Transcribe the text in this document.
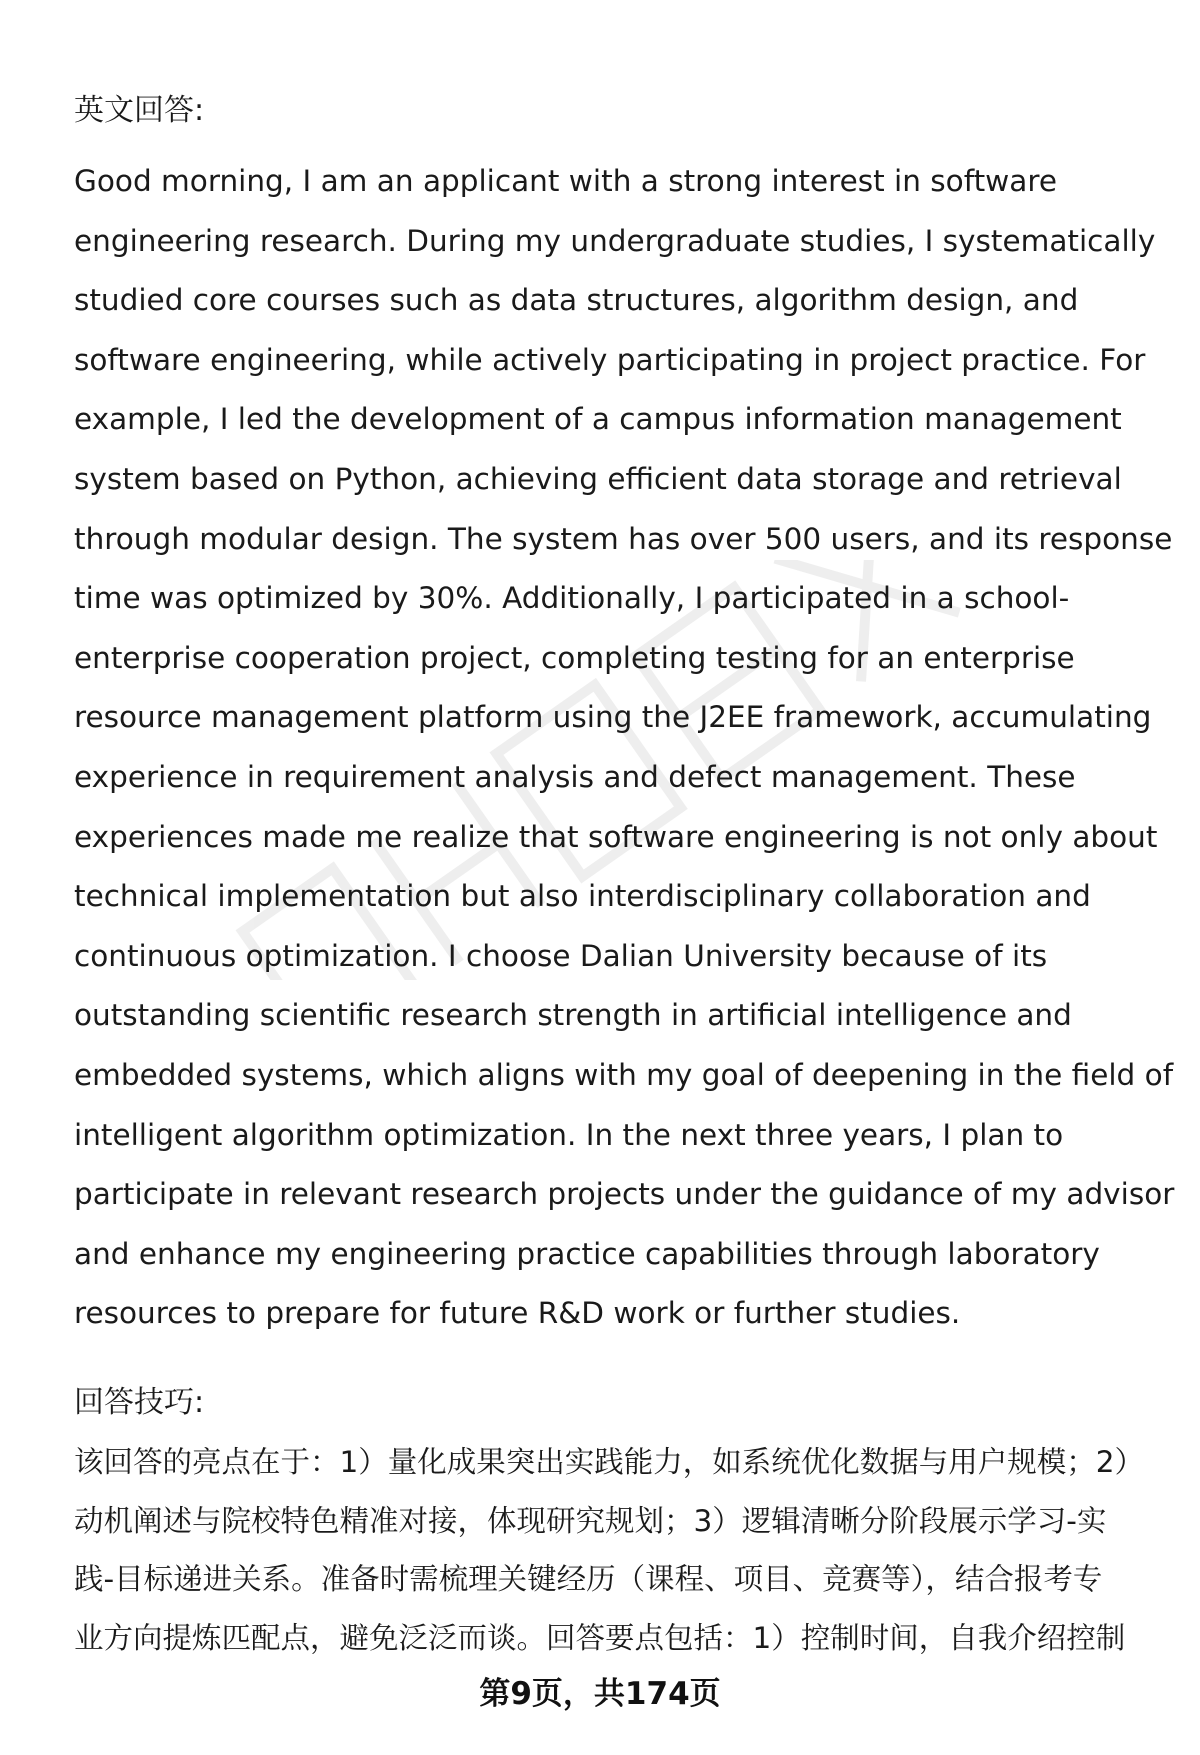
英文回答:
Good morning, I am an applicant with a strong interest in software
engineering research. During my undergraduate studies, I systematically
studied core courses such as data structures, algorithm design, and
software engineering, while actively participating in project practice. For
example, I led the development of a campus information management
system based on Python, achieving efficient data storage and retrieval
through modular design. The system has over 500 users, and its response
time was optimized by 30%. Additionally, I participated in a school-
enterprise cooperation project, completing testing for an enterprise
resource management platform using the J2EE framework, accumulating
experience in requirement analysis and defect management. These
experiences made me realize that software engineering is not only about
technical implementation but also interdisciplinary collaboration and
continuous optimization. I choose Dalian University because of its
outstanding scientific research strength in artificial intelligence and
embedded systems, which aligns with my goal of deepening in the field of
intelligent algorithm optimization. In the next three years, I plan to
participate in relevant research projects under the guidance of my advisor
and enhance my engineering practice capabilities through laboratory
resources to prepare for future R&D work or further studies.
回答技巧:
该回答的亮点在于：1）量化成果突出实践能力，如系统优化数据与用户规模；2）
动机阐述与院校特色精准对接，体现研究规划；3）逻辑清晰分阶段展示学习-实
践-目标递进关系。准备时需梳理关键经历（课程、项目、竞赛等），结合报考专
业方向提炼匹配点，避免泛泛而谈。回答要点包括：1）控制时间，自我介绍控制
第9页，共174页
